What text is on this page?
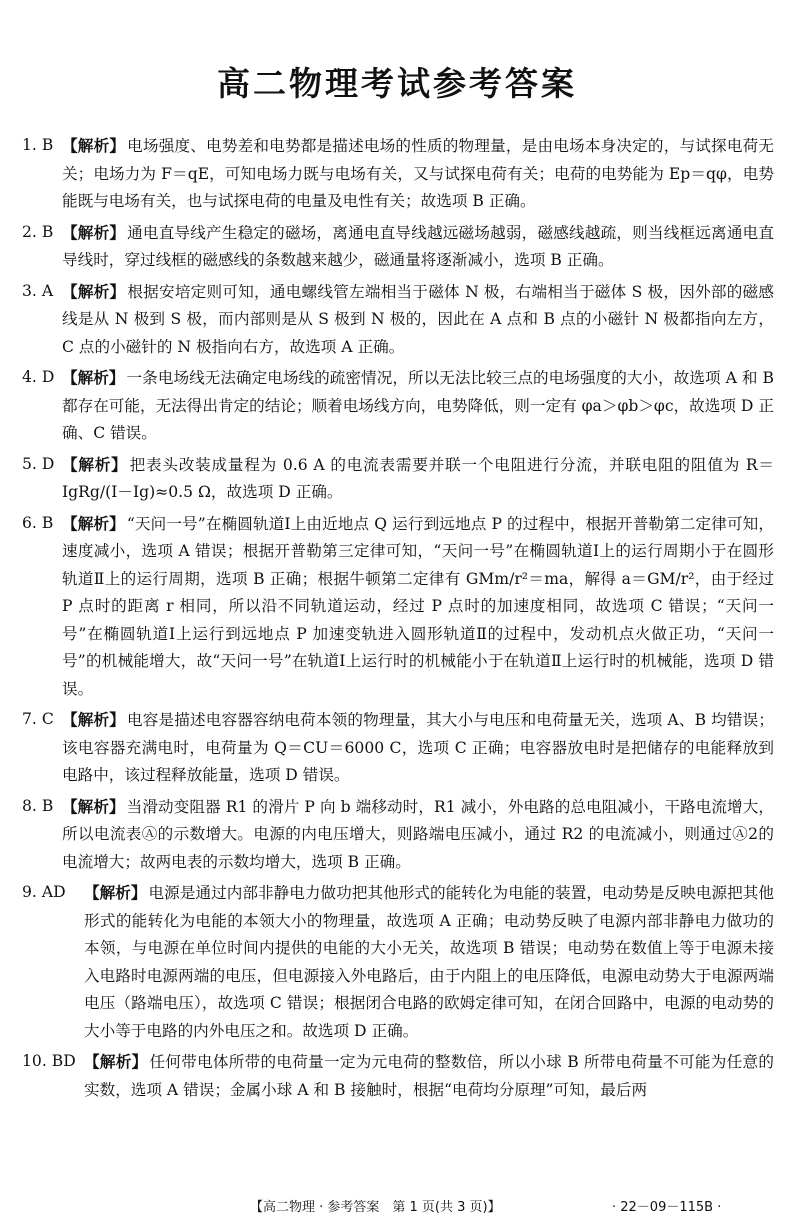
高二物理考试参考答案
1. B 【解析】 电场强度、电势差和电势都是描述电场的性质的物理量，是由电场本身决定的，与试探电荷无关；电场力为 F＝qE，可知电场力既与电场有关，又与试探电荷有关；电荷的电势能为 Ep＝qφ，电势能既与电场有关，也与试探电荷的电量及电性有关；故选项 B 正确。
2. B 【解析】 通电直导线产生稳定的磁场，离通电直导线越远磁场越弱，磁感线越疏，则当线框远离通电直导线时，穿过线框的磁感线的条数越来越少，磁通量将逐渐减小，选项 B 正确。
3. A 【解析】 根据安培定则可知，通电螺线管左端相当于磁体 N 极，右端相当于磁体 S 极，因外部的磁感线是从 N 极到 S 极，而内部则是从 S 极到 N 极的，因此在 A 点和 B 点的小磁针 N 极都指向左方，C 点的小磁针的 N 极指向右方，故选项 A 正确。
4. D 【解析】 一条电场线无法确定电场线的疏密情况，所以无法比较三点的电场强度的大小，故选项 A 和 B 都存在可能，无法得出肯定的结论；顺着电场线方向，电势降低，则一定有 φa＞φb＞φc，故选项 D 正确、C 错误。
5. D 【解析】 把表头改装成量程为 0.6 A 的电流表需要并联一个电阻进行分流，并联电阻的阻值为 R＝IgRg/(I－Ig)≈0.5 Ω，故选项 D 正确。
6. B 【解析】 “天问一号”在椭圆轨道Ⅰ上由近地点 Q 运行到远地点 P 的过程中，根据开普勒第二定律可知，速度减小，选项 A 错误；根据开普勒第三定律可知，“天问一号”在椭圆轨道Ⅰ上的运行周期小于在圆形轨道Ⅱ上的运行周期，选项 B 正确；根据牛顿第二定律有 GMm/r²＝ma，解得 a＝GM/r²，由于经过 P 点时的距离 r 相同，所以沿不同轨道运动，经过 P 点时的加速度相同，故选项 C 错误；“天问一号”在椭圆轨道Ⅰ上运行到远地点 P 加速变轨进入圆形轨道Ⅱ的过程中，发动机点火做正功，“天问一号”的机械能增大，故“天问一号”在轨道Ⅰ上运行时的机械能小于在轨道Ⅱ上运行时的机械能，选项 D 错误。
7. C 【解析】 电容是描述电容器容纳电荷本领的物理量，其大小与电压和电荷量无关，选项 A、B 均错误；该电容器充满电时，电荷量为 Q＝CU＝6000 C，选项 C 正确；电容器放电时是把储存的电能释放到电路中，该过程释放能量，选项 D 错误。
8. B 【解析】 当滑动变阻器 R1 的滑片 P 向 b 端移动时，R1 减小，外电路的总电阻减小，干路电流增大，所以电流表Ⓐ的示数增大。电源的内电压增大，则路端电压减小，通过 R2 的电流减小，则通过Ⓐ2的电流增大；故两电表的示数均增大，选项 B 正确。
9. AD	【解析】 电源是通过内部非静电力做功把其他形式的能转化为电能的装置，电动势是反映电源把其他形式的能转化为电能的本领大小的物理量，故选项 A 正确；电动势反映了电源内部非静电力做功的本领，与电源在单位时间内提供的电能的大小无关，故选项 B 错误；电动势在数值上等于电源未接入电路时电源两端的电压，但电源接入外电路后，由于内阻上的电压降低，电源电动势大于电源两端电压（路端电压），故选项 C 错误；根据闭合电路的欧姆定律可知，在闭合回路中，电源的电动势的大小等于电路的内外电压之和。故选项 D 正确。
10. BD 【解析】 任何带电体所带的电荷量一定为元电荷的整数倍，所以小球 B 所带电荷量不可能为任意的实数，选项 A 错误；金属小球 A 和 B 接触时，根据“电荷均分原理”可知，最后两
【高二物理 · 参考答案　第 1 页(共 3 页)】	· 22－09－115B ·
